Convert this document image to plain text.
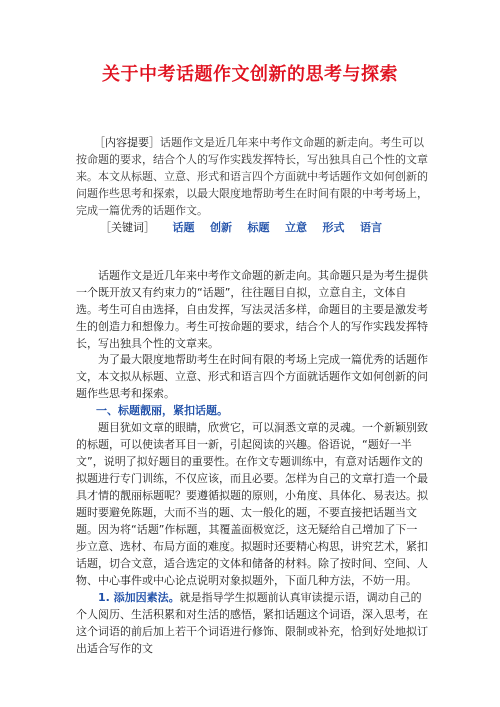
关于中考话题作文创新的思考与探索

［内容提要］话题作文是近几年来中考作文命题的新走向。考生可以按命题的要求，结合个人的写作实践发挥特长，写出独具自己个性的文章来。本文从标题、立意、形式和语言四个方面就中考话题作文如何创新的问题作些思考和探索，以最大限度地帮助考生在时间有限的中考考场上，完成一篇优秀的话题作文。

［关键词］ 话题 创新 标题 立意 形式 语言

话题作文是近几年来中考作文命题的新走向。其命题只是为考生提供一个既开放又有约束力的“话题”，往往题目自拟，立意自主，文体自选。考生可自由选择，自由发挥，写法灵活多样，命题目的主要是激发考生的创造力和想像力。考生可按命题的要求，结合个人的写作实践发挥特长，写出独具个性的文章来。

为了最大限度地帮助考生在时间有限的考场上完成一篇优秀的话题作文，本文拟从标题、立意、形式和语言四个方面就话题作文如何创新的问题作些思考和探索。

一、标题靓丽，紧扣话题。

题目犹如文章的眼睛，欣赏它，可以洞悉文章的灵魂。一个新颖别致的标题，可以使读者耳目一新，引起阅读的兴趣。俗语说，“题好一半文”，说明了拟好题目的重要性。在作文专题训练中，有意对话题作文的拟题进行专门训练，不仅应该，而且必要。怎样为自己的文章打造一个最具才情的靓丽标题呢？要遵循拟题的原则，小角度、具体化、易表达。拟题时要避免陈题，大而不当的题、太一般化的题，不要直接把话题当文题。因为将“话题”作标题，其覆盖面极宽泛，这无疑给自己增加了下一步立意、选材、布局方面的难度。拟题时还要精心构思，讲究艺术，紧扣话题，切合文意，适合选定的文体和储备的材料。除了按时间、空间、人物、中心事件或中心论点说明对象拟题外，下面几种方法，不妨一用。

1. 添加因素法。就是指导学生拟题前认真审读提示语，调动自己的个人阅历、生活积累和对生活的感悟，紧扣话题这个词语，深入思考，在这个词语的前后加上若干个词语进行修饰、限制或补充，恰到好处地拟订出适合写作的文
